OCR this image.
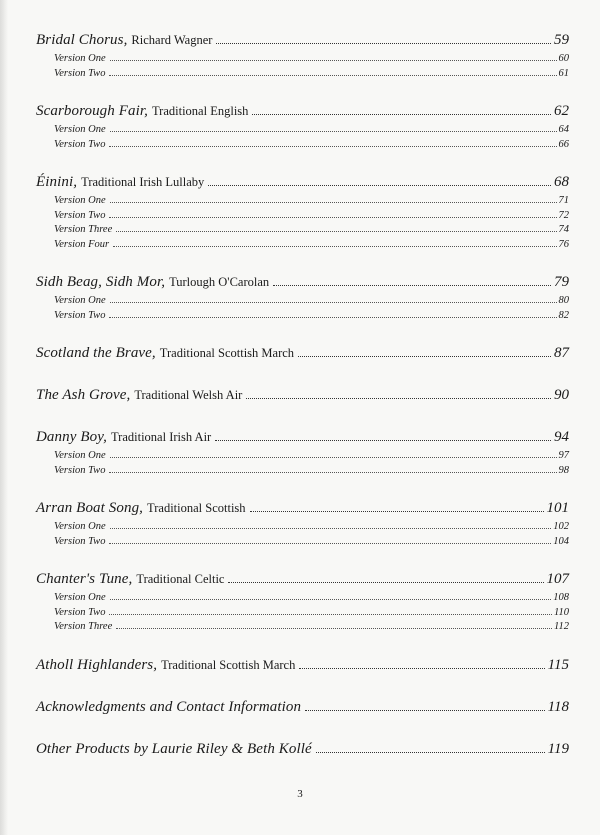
Bridal Chorus, Richard Wagner	59
Version One	60
Version Two	61
Scarborough Fair, Traditional English	62
Version One	64
Version Two	66
Éinini, Traditional Irish Lullaby	68
Version One	71
Version Two	72
Version Three	74
Version Four	76
Sidh Beag, Sidh Mor, Turlough O'Carolan	79
Version One	80
Version Two	82
Scotland the Brave, Traditional Scottish March	87
The Ash Grove, Traditional Welsh Air	90
Danny Boy, Traditional Irish Air	94
Version One	97
Version Two	98
Arran Boat Song, Traditional Scottish	101
Version One	102
Version Two	104
Chanter's Tune, Traditional Celtic	107
Version One	108
Version Two	110
Version Three	112
Atholl Highlanders, Traditional Scottish March	115
Acknowledgments and Contact Information	118
Other Products by Laurie Riley & Beth Kollé	119
3
